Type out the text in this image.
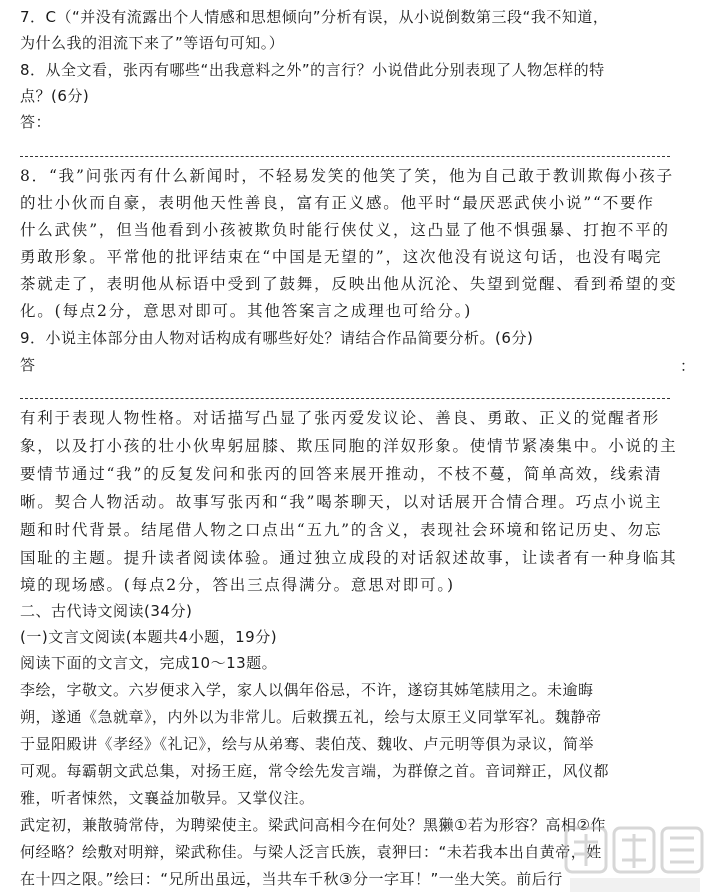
7．C（“并没有流露出个人情感和思想倾向”分析有误，从小说倒数第三段“我不知道，
为什么我的泪流下来了”等语句可知。）
8．从全文看，张丙有哪些“出我意料之外”的言行？小说借此分别表现了人物怎样的特
点？(6分)
答：
8．“我”问张丙有什么新闻时，不轻易发笑的他笑了笑，他为自己敢于教训欺侮小孩子
的壮小伙而自豪，表明他天性善良，富有正义感。他平时“最厌恶武侠小说”“不要作
什么武侠”，但当他看到小孩被欺负时能行侠仗义，这凸显了他不惧强暴、打抱不平的
勇敢形象。平常他的批评结束在“中国是无望的”，这次他没有说这句话，也没有喝完
茶就走了，表明他从标语中受到了鼓舞，反映出他从沉沦、失望到觉醒、看到希望的变
化。(每点2分，意思对即可。其他答案言之成理也可给分。)
9．小说主体部分由人物对话构成有哪些好处？请结合作品简要分析。(6分)
答	：
有利于表现人物性格。对话描写凸显了张丙爱发议论、善良、勇敢、正义的觉醒者形
象，以及打小孩的壮小伙卑躬屈膝、欺压同胞的洋奴形象。使情节紧凑集中。小说的主
要情节通过“我”的反复发问和张丙的回答来展开推动，不枝不蔓，简单高效，线索清
晰。契合人物活动。故事写张丙和“我”喝茶聊天，以对话展开合情合理。巧点小说主
题和时代背景。结尾借人物之口点出“五九”的含义，表现社会环境和铭记历史、勿忘
国耻的主题。提升读者阅读体验。通过独立成段的对话叙述故事，让读者有一种身临其
境的现场感。(每点2分，答出三点得满分。意思对即可。)
二、古代诗文阅读(34分)
(一)文言文阅读(本题共4小题，19分)
阅读下面的文言文，完成10～13题。
李绘，字敬文。六岁便求入学，家人以偶年俗忌，不许，遂窃其姊笔牍用之。未逾晦
朔，遂通《急就章》，内外以为非常儿。后敕撰五礼，绘与太原王义同掌军礼。魏静帝
于显阳殿讲《孝经》《礼记》，绘与从弟骞、裴伯茂、魏收、卢元明等俱为录议，简举
可观。每霸朝文武总集，对扬王庭，常令绘先发言端，为群僚之首。音词辩正，风仪都
雅，听者悚然，文襄益加敬异。又掌仪注。
武定初，兼散骑常侍，为聘梁使主。梁武问高相今在何处？黑獭①若为形容？高相②作
何经略？绘敷对明辩，梁武称佳。与梁人泛言氏族，袁狎曰：“未若我本出自黄帝，姓
在十四之限。”绘曰：“兄所出虽远，当共车千秋③分一字耳！”一坐大笑。前后行
